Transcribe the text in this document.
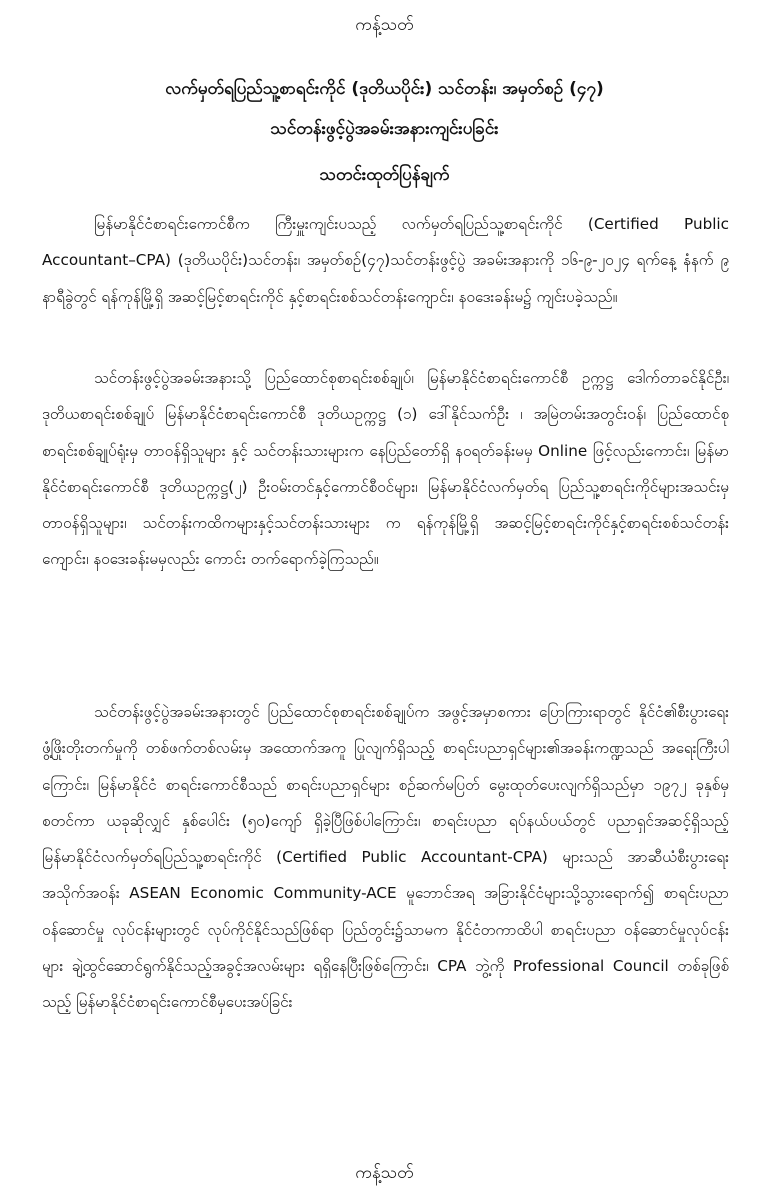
ကန့်သတ်
လက်မှတ်ရပြည်သူ့စာရင်းကိုင် (ဒုတိယပိုင်း) သင်တန်း၊ အမှတ်စဉ် (၄၇)
သင်တန်းဖွင့်ပွဲအခမ်းအနားကျင်းပခြင်း
သတင်းထုတ်ပြန်ချက်

မြန်မာနိုင်ငံစာရင်းကောင်စီက ကြီးမှူးကျင်းပသည့် လက်မှတ်ရပြည်သူ့စာရင်းကိုင် (Certified Public Accountant–CPA) (ဒုတိယပိုင်း)သင်တန်း၊ အမှတ်စဉ်(၄၇)သင်တန်းဖွင့်ပွဲ အခမ်းအနားကို ၁၆-၉-၂၀၂၄ ရက်နေ့ နံနက် ၉ နာရီခွဲတွင် ရန်ကုန်မြို့ရှိ အဆင့်မြင့်စာရင်းကိုင် နှင့်စာရင်းစစ်သင်တန်းကျောင်း၊ နဝဒေးခန်းမ၌ ကျင်းပခဲ့သည်။

သင်တန်းဖွင့်ပွဲအခမ်းအနားသို့ ပြည်ထောင်စုစာရင်းစစ်ချုပ်၊ မြန်မာနိုင်ငံစာရင်းကောင်စီ ဥက္ကဋ္ဌ ဒေါက်တာခင်နိုင်ဦး၊ ဒုတိယစာရင်းစစ်ချုပ် မြန်မာနိုင်ငံစာရင်းကောင်စီ ဒုတိယဥက္ကဋ္ဌ (၁) ဒေါ်နိုင်သက်ဦး ၊ အမြဲတမ်းအတွင်းဝန်၊ ပြည်ထောင်စုစာရင်းစစ်ချုပ်ရုံးမှ တာဝန်ရှိသူများ နှင့် သင်တန်းသားများက နေပြည်တော်ရှိ နဝရတ်ခန်းမမှ Online ဖြင့်လည်းကောင်း၊ မြန်မာ နိုင်ငံစာရင်းကောင်စီ ဒုတိယဥက္ကဋ္ဌ(၂) ဦးဝမ်းတင်နှင့်ကောင်စီဝင်များ၊ မြန်မာနိုင်ငံလက်မှတ်ရ ပြည်သူ့စာရင်းကိုင်များအသင်းမှ တာဝန်ရှိသူများ၊ သင်တန်းကထိကများနှင့်သင်တန်းသားများ က ရန်ကုန်မြို့ရှိ အဆင့်မြင့်စာရင်းကိုင်နှင့်စာရင်းစစ်သင်တန်းကျောင်း၊ နဝဒေးခန်းမမှလည်း ကောင်း တက်ရောက်ခဲ့ကြသည်။

သင်တန်းဖွင့်ပွဲအခမ်းအနားတွင် ပြည်ထောင်စုစာရင်းစစ်ချုပ်က အဖွင့်အမှာစကား ပြောကြားရာတွင် နိုင်ငံ၏စီးပွားရေးဖွံ့ဖြိုးတိုးတက်မှုကို တစ်ဖက်တစ်လမ်းမှ အထောက်အကူ ပြုလျက်ရှိသည့် စာရင်းပညာရှင်များ၏အခန်းကဏ္ဍသည် အရေးကြီးပါကြောင်း၊ မြန်မာနိုင်ငံ စာရင်းကောင်စီသည် စာရင်းပညာရှင်များ စဉ်ဆက်မပြတ် မွေးထုတ်ပေးလျက်ရှိသည်မှာ ၁၉၇၂ ခုနှစ်မှစတင်ကာ ယခုဆိုလျှင် နှစ်ပေါင်း (၅၀)ကျော် ရှိခဲ့ပြီဖြစ်ပါကြောင်း၊ စာရင်းပညာ ရပ်နယ်ပယ်တွင် ပညာရှင်အဆင့်ရှိသည့် မြန်မာနိုင်ငံလက်မှတ်ရပြည်သူ့စာရင်းကိုင် (Certified Public Accountant-CPA) များသည် အာဆီယံစီးပွားရေးအသိုက်အဝန်း ASEAN Economic Community-ACE မူဘောင်အရ အခြားနိုင်ငံများသို့သွားရောက်၍ စာရင်းပညာဝန်ဆောင်မှု လုပ်ငန်းများတွင် လုပ်ကိုင်နိုင်သည်ဖြစ်ရာ ပြည်တွင်း၌သာမက နိုင်ငံတကာထိပါ စာရင်းပညာ ဝန်ဆောင်မှုလုပ်ငန်းများ ချဲ့ထွင်ဆောင်ရွက်နိုင်သည့်အခွင့်အလမ်းများ ရရှိနေပြီးဖြစ်ကြောင်း၊ CPA ဘွဲ့ကို Professional Council တစ်ခုဖြစ်သည့် မြန်မာနိုင်ငံစာရင်းကောင်စီမှပေးအပ်ခြင်း

ကန့်သတ်
